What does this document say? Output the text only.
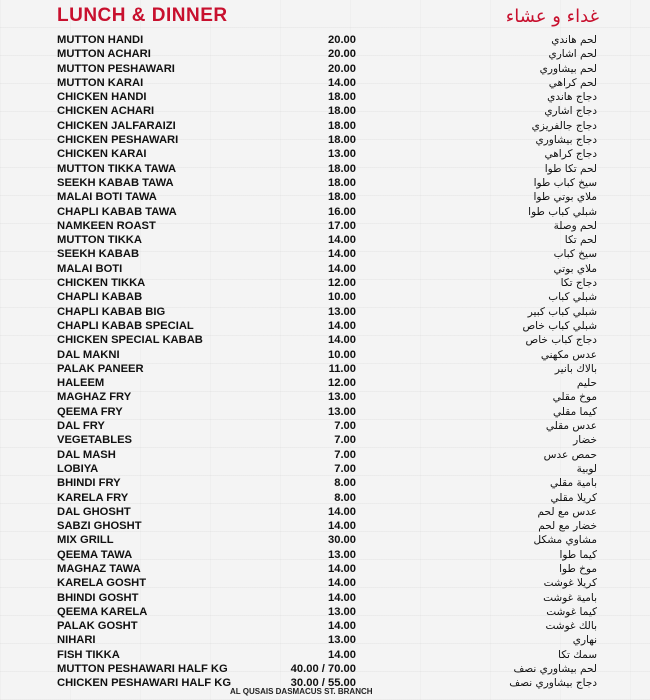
LUNCH & DINNER	غداء و عشاء
MUTTON HANDI	20.00	لحم هاندي
MUTTON ACHARI	20.00	لحم اشاري
MUTTON PESHAWARI	20.00	لحم بيشاوري
MUTTON KARAI	14.00	لحم كراهي
CHICKEN HANDI	18.00	دجاج هاندي
CHICKEN ACHARI	18.00	دجاج اشاري
CHICKEN JALFARAIZI	18.00	دجاج جالفريزي
CHICKEN PESHAWARI	18.00	دجاج بيشاوري
CHICKEN KARAI	13.00	دجاج كراهي
MUTTON TIKKA TAWA	18.00	لحم تكا طوا
SEEKH KABAB TAWA	18.00	سيخ كباب طوا
MALAI BOTI TAWA	18.00	ملاي بوتي طوا
CHAPLI KABAB TAWA	16.00	شبلي كباب طوا
NAMKEEN ROAST	17.00	لحم وصلة
MUTTON TIKKA	14.00	لحم تكا
SEEKH KABAB	14.00	سيخ كباب
MALAI BOTI	14.00	ملاي بوتي
CHICKEN TIKKA	12.00	دجاج تكا
CHAPLI KABAB	10.00	شبلي كباب
CHAPLI KABAB BIG	13.00	شبلي كباب كبير
CHAPLI KABAB SPECIAL	14.00	شبلي كباب خاص
CHICKEN SPECIAL KABAB	14.00	دجاج كباب خاص
DAL MAKNI	10.00	عدس مكهني
PALAK PANEER	11.00	بالاك بانير
HALEEM	12.00	حليم
MAGHAZ FRY	13.00	موخ مقلي
QEEMA FRY	13.00	كيما مقلي
DAL FRY	7.00	عدس مقلي
VEGETABLES	7.00	خضار
DAL MASH	7.00	حمص عدس
LOBIYA	7.00	لوبية
BHINDI FRY	8.00	بامية مقلي
KARELA FRY	8.00	كريلا مقلي
DAL GHOSHT	14.00	عدس مع لحم
SABZI GHOSHT	14.00	خضار مع لحم
MIX GRILL	30.00	مشاوي مشكل
QEEMA TAWA	13.00	كيما طوا
MAGHAZ TAWA	14.00	موخ طوا
KARELA GOSHT	14.00	كريلا غوشت
BHINDI GOSHT	14.00	بامية غوشت
QEEMA KARELA	13.00	كيما غوشت
PALAK GOSHT	14.00	بالك غوشت
NIHARI	13.00	نهاري
FISH TIKKA	14.00	سمك تكا
MUTTON PESHAWARI HALF KG	40.00 / 70.00	لحم بيشاوري نصف
CHICKEN PESHAWARI HALF KG	30.00 / 55.00	دجاج بيشاوري نصف
AL QUSAIS DASMACUS ST. BRANCH
